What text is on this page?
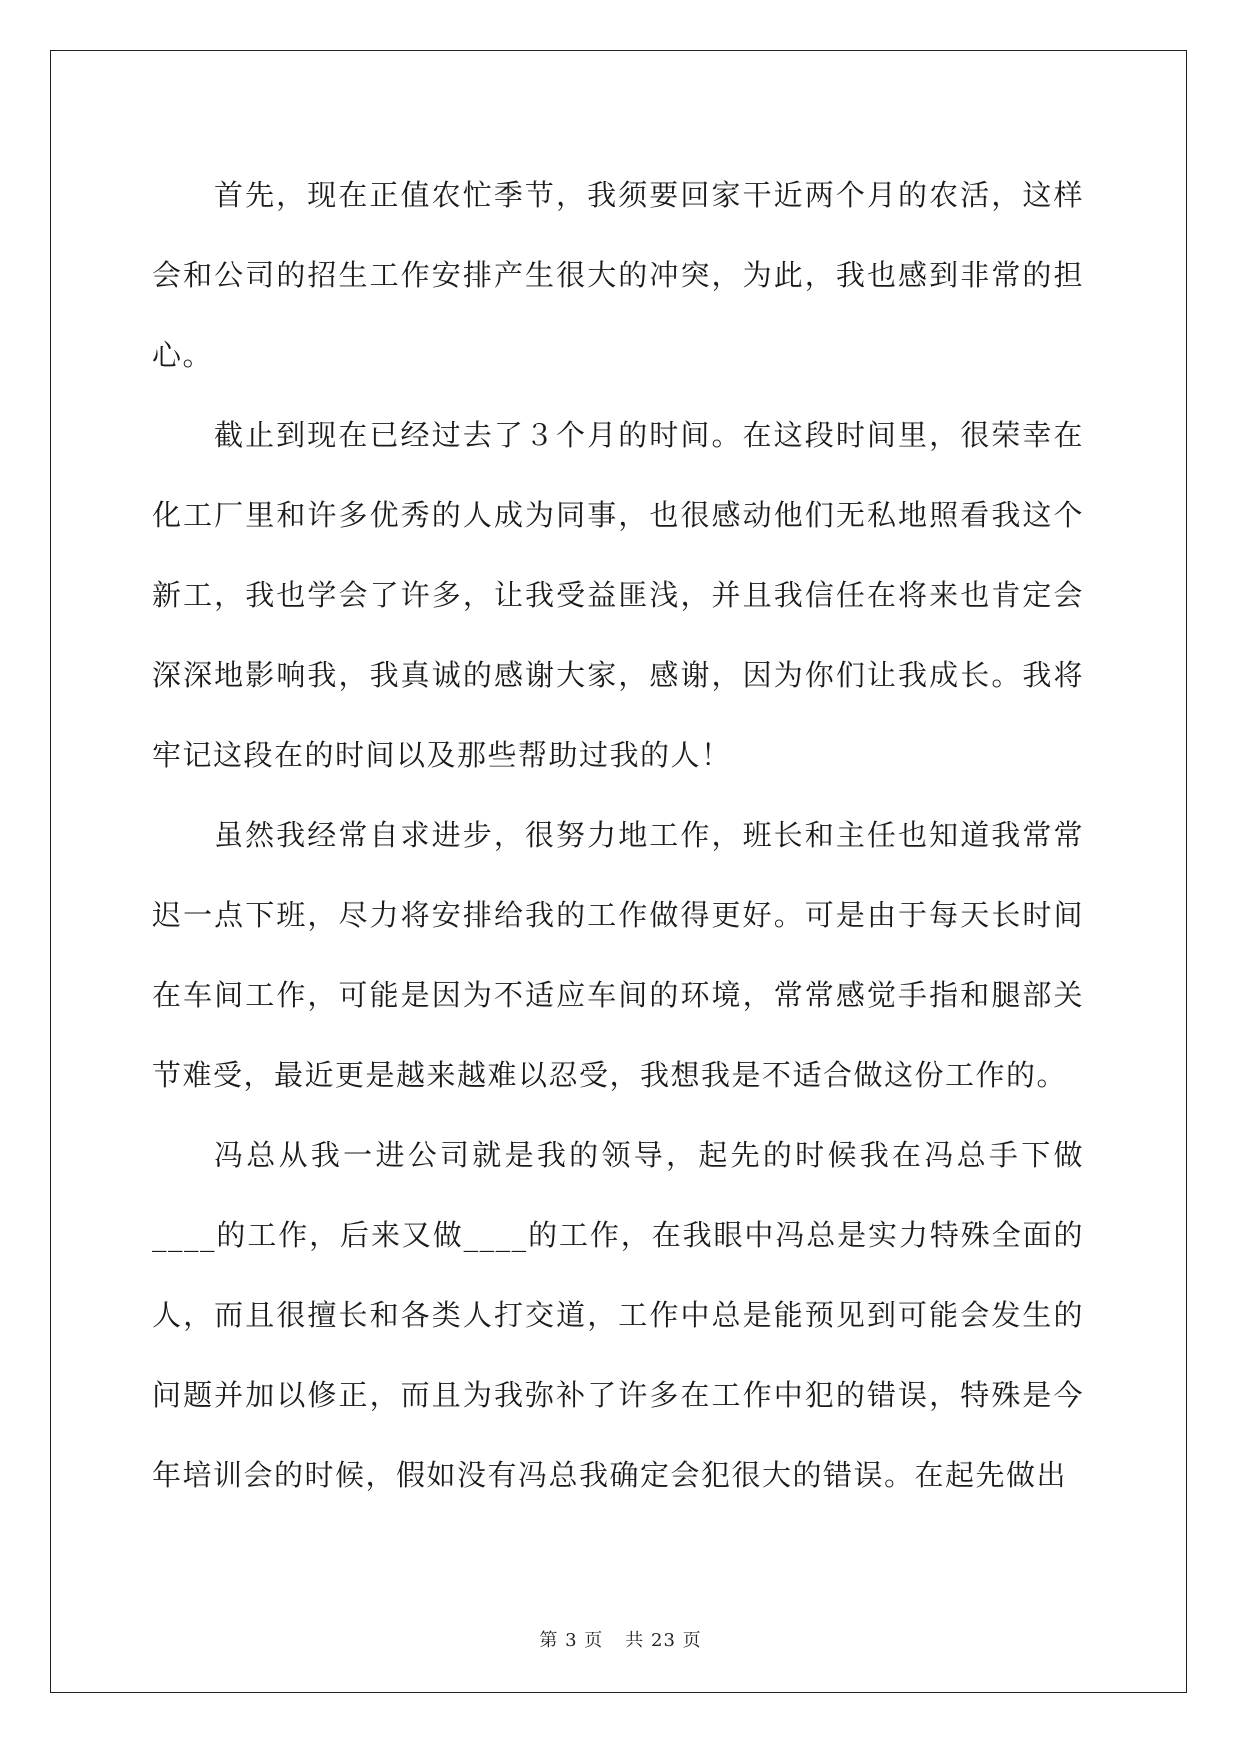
首先，现在正值农忙季节，我须要回家干近两个月的农活，这样会和公司的招生工作安排产生很大的冲突，为此，我也感到非常的担心。

截止到现在已经过去了３个月的时间。在这段时间里，很荣幸在化工厂里和许多优秀的人成为同事，也很感动他们无私地照看我这个新工，我也学会了许多，让我受益匪浅，并且我信任在将来也肯定会深深地影响我，我真诚的感谢大家，感谢，因为你们让我成长。我将牢记这段在的时间以及那些帮助过我的人！

虽然我经常自求进步，很努力地工作，班长和主任也知道我常常迟一点下班，尽力将安排给我的工作做得更好。可是由于每天长时间在车间工作，可能是因为不适应车间的环境，常常感觉手指和腿部关节难受，最近更是越来越难以忍受，我想我是不适合做这份工作的。

冯总从我一进公司就是我的领导，起先的时候我在冯总手下做____的工作，后来又做____的工作，在我眼中冯总是实力特殊全面的人，而且很擅长和各类人打交道，工作中总是能预见到可能会发生的问题并加以修正，而且为我弥补了许多在工作中犯的错误，特殊是今年培训会的时候，假如没有冯总我确定会犯很大的错误。在起先做出

第 3 页 共 23 页
